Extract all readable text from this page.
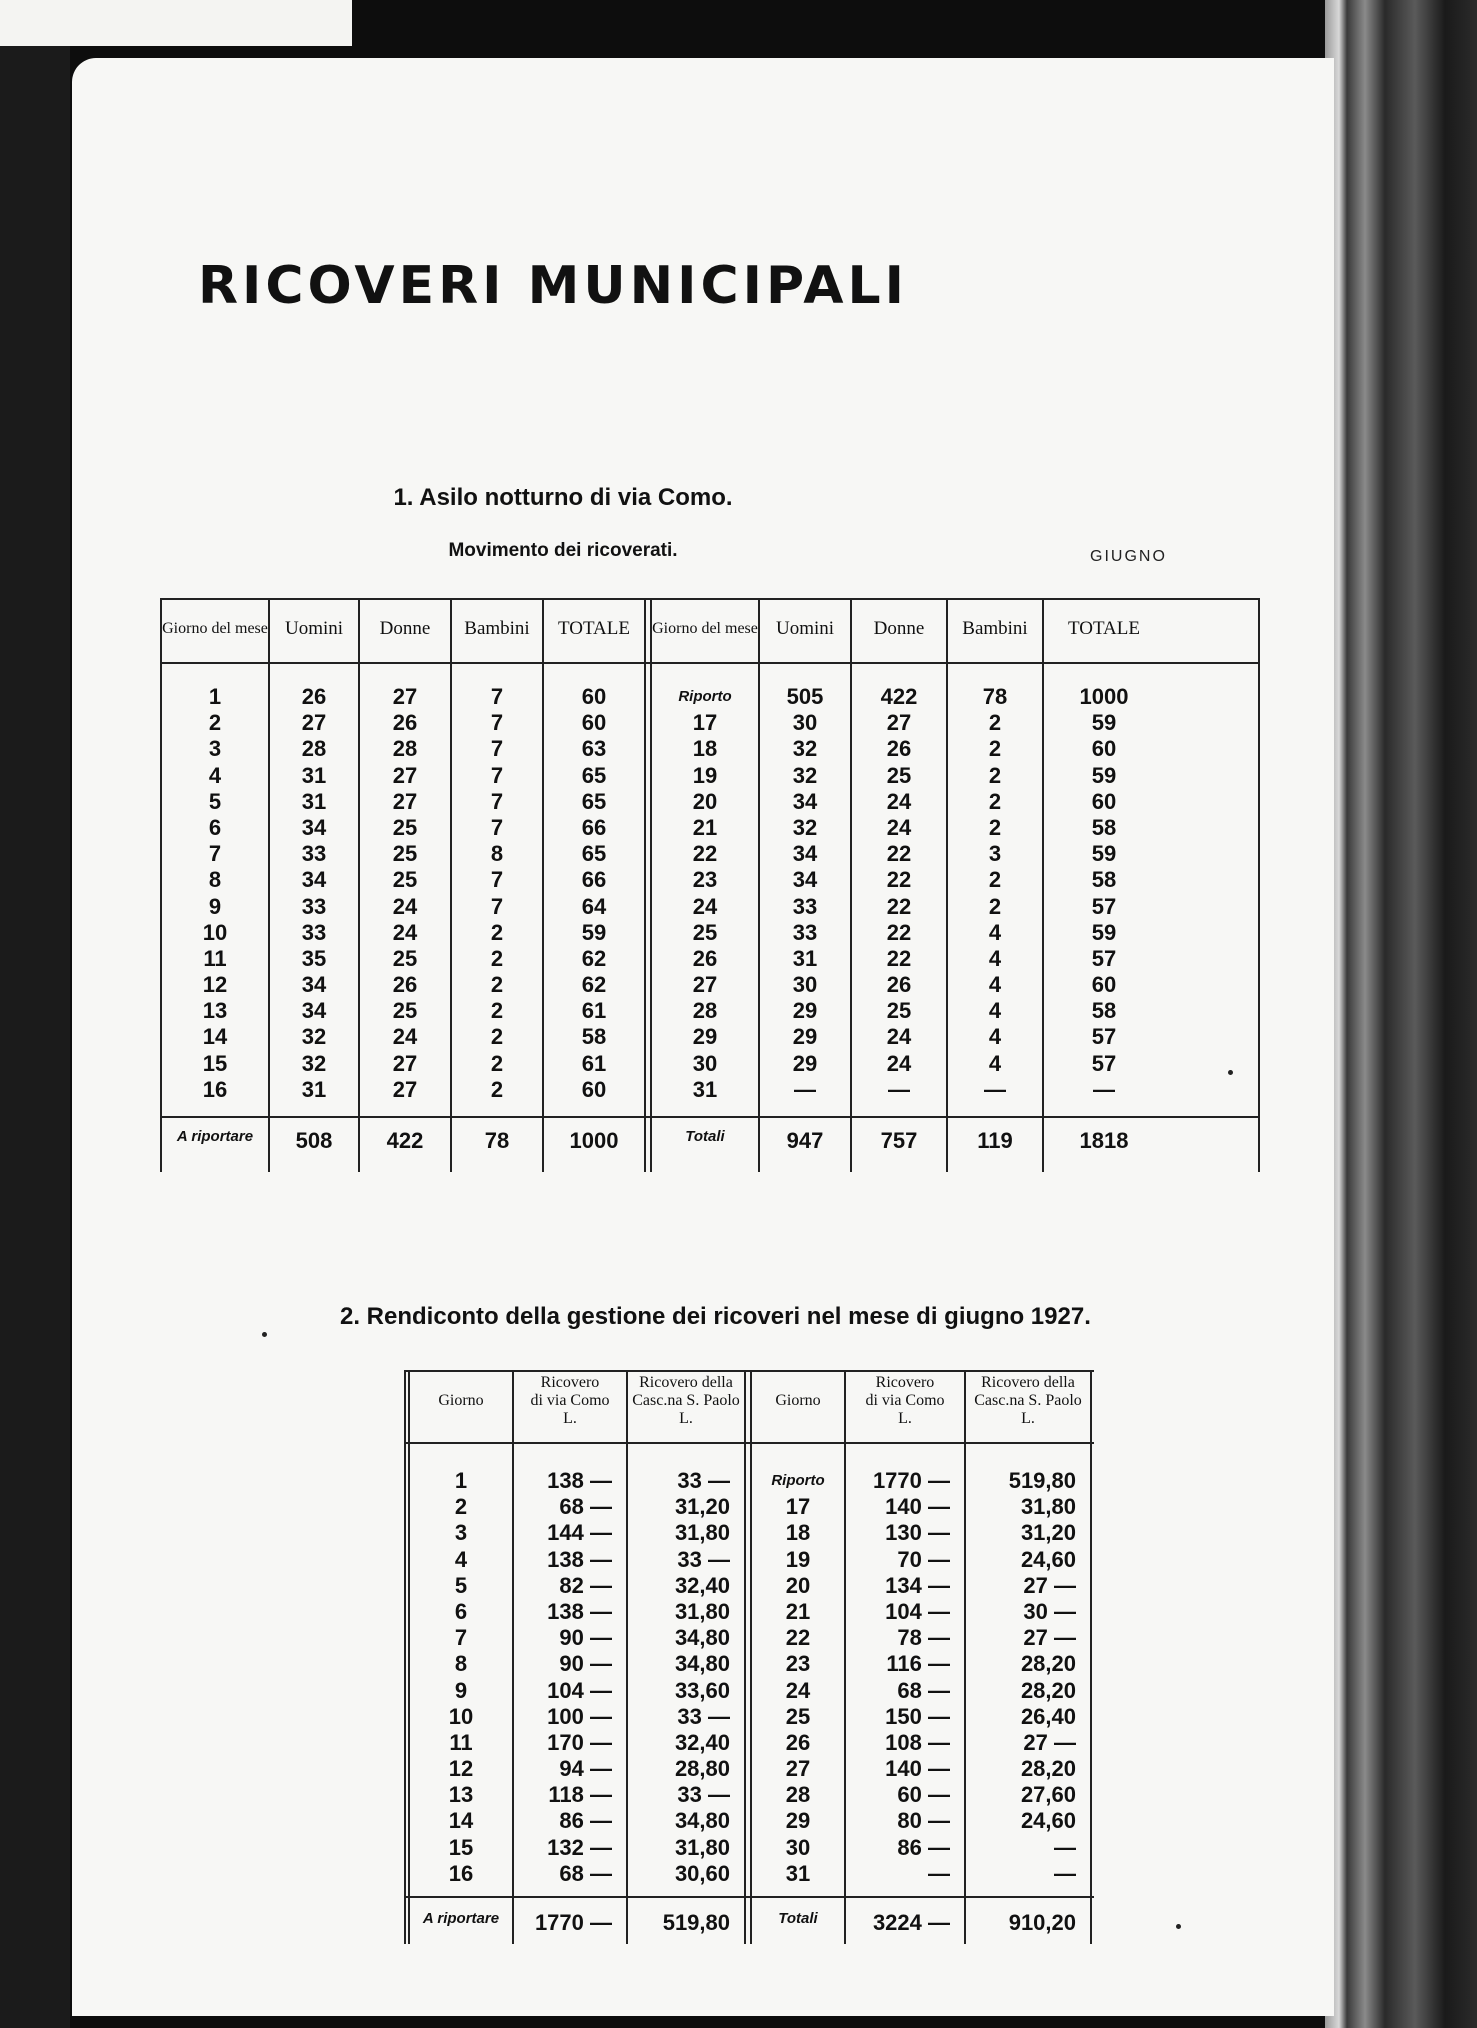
RICOVERI MUNICIPALI
1. Asilo notturno di via Como.
Movimento dei ricoverati.	GIUGNO
Giorno del mese
1
2
3
4
5
6
7
8
9
10
11
12
13
14
15
16
A riportare
Uomini
26
27
28
31
31
34
33
34
33
33
35
34
34
32
32
31
508
Donne
27
26
28
27
27
25
25
25
24
24
25
26
25
24
27
27
422
Bambini
7
7
7
7
7
7
8
7
7
2
2
2
2
2
2
2
78
TOTALE
60
60
63
65
65
66
65
66
64
59
62
62
61
58
61
60
1000
Giorno del mese
Riporto
17
18
19
20
21
22
23
24
25
26
27
28
29
30
31
Totali
Uomini
505
30
32
32
34
32
34
34
33
33
31
30
29
29
29
—
947
Donne
422
27
26
25
24
24
22
22
22
22
22
26
25
24
24
—
757
Bambini
78
2
2
2
2
2
3
2
2
4
4
4
4
4
4
—
119
TOTALE
1000
59
60
59
60
58
59
58
57
59
57
60
58
57
57
—
1818
2. Rendiconto della gestione dei ricoveri nel mese di giugno 1927.
Giorno
1
2
3
4
5
6
7
8
9
10
11
12
13
14
15
16
A riportare
Ricovero
di via Como
L.
138 —
68 —
144 —
138 —
82 —
138 —
90 —
90 —
104 —
100 —
170 —
94 —
118 —
86 —
132 —
68 —
1770 —
Ricovero della
Casc.na S. Paolo
L.
33 —
31,20
31,80
33 —
32,40
31,80
34,80
34,80
33,60
33 —
32,40
28,80
33 —
34,80
31,80
30,60
519,80
Giorno
Riporto
17
18
19
20
21
22
23
24
25
26
27
28
29
30
31
Totali
Ricovero
di via Como
L.
1770 —
140 —
130 —
70 —
134 —
104 —
78 —
116 —
68 —
150 —
108 —
140 —
60 —
80 —
86 —
—
3224 —
Ricovero della
Casc.na S. Paolo
L.
519,80
31,80
31,20
24,60
27 —
30 —
27 —
28,20
28,20
26,40
27 —
28,20
27,60
24,60
—
—
910,20
